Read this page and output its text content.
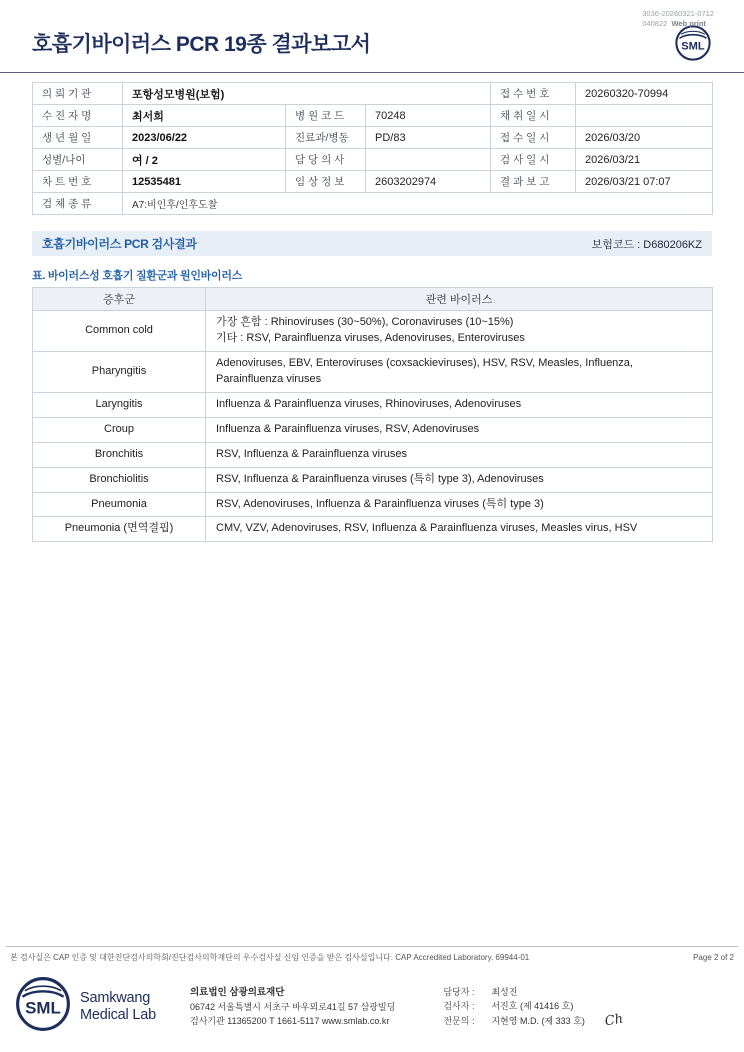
3036-20260321-0712
040822 Web print
호흡기바이러스 PCR 19종 결과보고서	SML
의 뢰 기 관	포항성모병원(보험)			접 수 번 호	20260320-70994
수 진 자 명	최서희	병 원 코 드	70248	채 취 일 시	
생 년 월 일	2023/06/22	진료과/병동	PD/83	접 수 일 시	2026/03/20
성별/나이	여 / 2	담 당 의 사		검 사 일 시	2026/03/21
차 트 번 호	12535481	임 상 정 보	2603202974	결 과 보 고	2026/03/21 07:07
검 체 종 류	A7:비인후/인후도찰				
호흡기바이러스 PCR 검사결과	보험코드 : D680206KZ
표. 바이러스성 호흡기 질환군과 원인바이러스
증후군	관련 바이러스
Common cold	가장 흔함 : Rhinoviruses (30~50%), Coronaviruses (10~15%)
기타 : RSV, Parainfluenza viruses, Adenoviruses, Enteroviruses

Pharyngitis	Adenoviruses, EBV, Enteroviruses (coxsackieviruses), HSV, RSV, Measles, Influenza, Parainfluenza viruses

Laryngitis	Influenza & Parainfluenza viruses, Rhinoviruses, Adenoviruses

Croup	Influenza & Parainfluenza viruses, RSV, Adenoviruses

Bronchitis	RSV, Influenza & Parainfluenza viruses

Bronchiolitis	RSV, Influenza & Parainfluenza viruses (특히 type 3), Adenoviruses

Pneumonia	RSV, Adenoviruses, Influenza & Parainfluenza viruses (특히 type 3)

Pneumonia (면역결핍)	CMV, VZV, Adenoviruses, RSV, Influenza & Parainfluenza viruses, Measles virus, HSV
본 검사실은 CAP 인증 및 대한진단검사의학회/진단검사의학재단의 우수검사실 신임 인증을 받은 검사실입니다. CAP Accredited Laboratory. 69944-01	Page 2 of 2
SML
Samkwang
Medical Lab
의료법인 삼광의료재단
06742 서울특별시 서초구 바우뫼로41길 57 삼광빌딩
검사기관 11365200 T 1661-5117 www.smlab.co.kr
담당자 :	최성진
검사자 :	서진호 (제 41416 호)
전문의 :	지현영 M.D. (제 333 호) Ch
